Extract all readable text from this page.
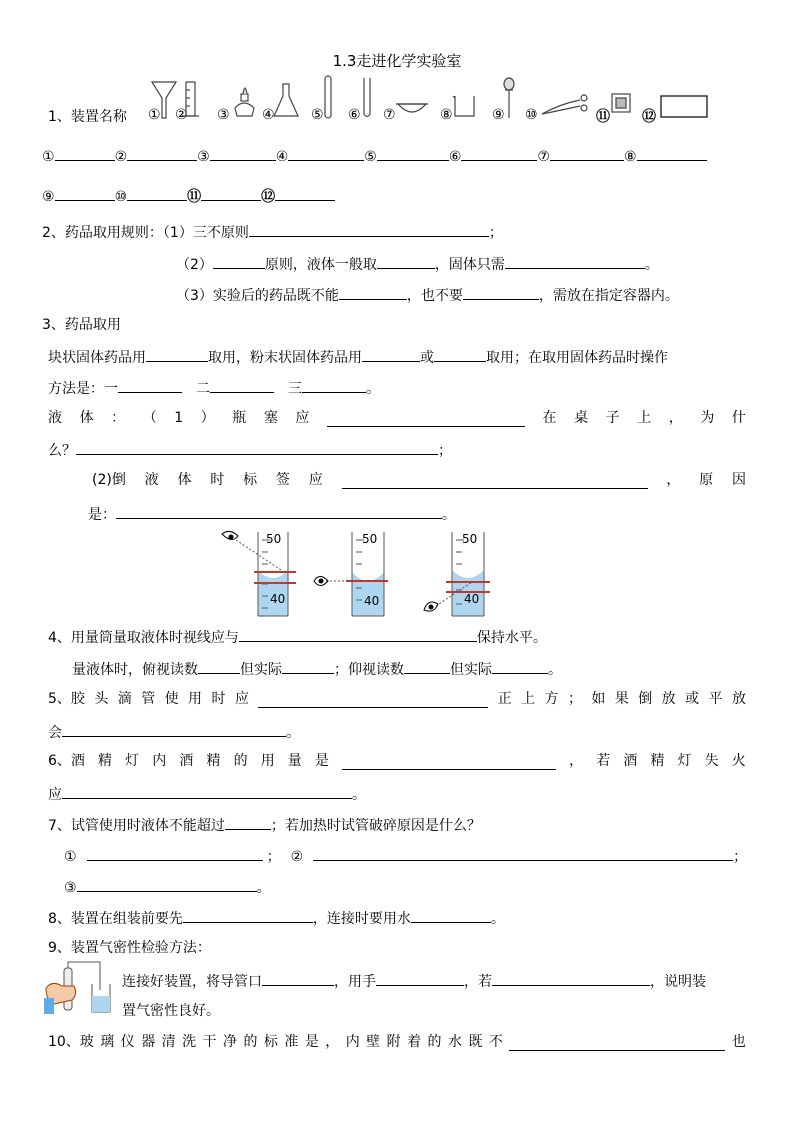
1.3走进化学实验室
1、装置名称 ① ② ③ ④	⑤ ⑥ ⑦	⑧	⑨ ⑩	⑪ ⑫
①	②	③	④	⑤	⑥	⑦	⑧
⑨	⑩	⑪	⑫
2、药品取用规则：（1）三不原则	；
（2）	原则，液体一般取	，固体只需	。
（3）实验后的药品既不能	，也不要	，需放在指定容器内。
3、药品取用
块状固体药品用	取用，粉末状固体药品用	或	取用；在取用固体药品时操作
方法是：一	二	三	。
液 体 ： （ 1 ） 瓶 塞 应	在 桌 子 上 ， 为 什
么？	；
(2)倒 液 体 时 标 签 应	， 原 因
是：	。
50
40
50
40
50
40
4、用量筒量取液体时视线应与	保持水平。
量液体时，俯视读数	但实际	；仰视读数	但实际	。
5、胶 头 滴 管 使 用 时 应	正 上 方 ； 如 果 倒 放 或 平 放
会	。
6、酒 精 灯 内 酒 精 的 用 量 是	， 若 酒 精 灯 失 火
应	。
7、试管使用时液体不能超过	；若加热时试管破碎原因是什么？
①	； ②	；
③	。
8、装置在组装前要先	，连接时要用水	。
9、装置气密性检验方法：
连接好装置，将导管口	，用手	，若	，说明装
置气密性良好。
10、玻 璃 仪 器 清 洗 干 净 的 标 准 是 ， 内 壁 附 着 的 水 既 不	也
